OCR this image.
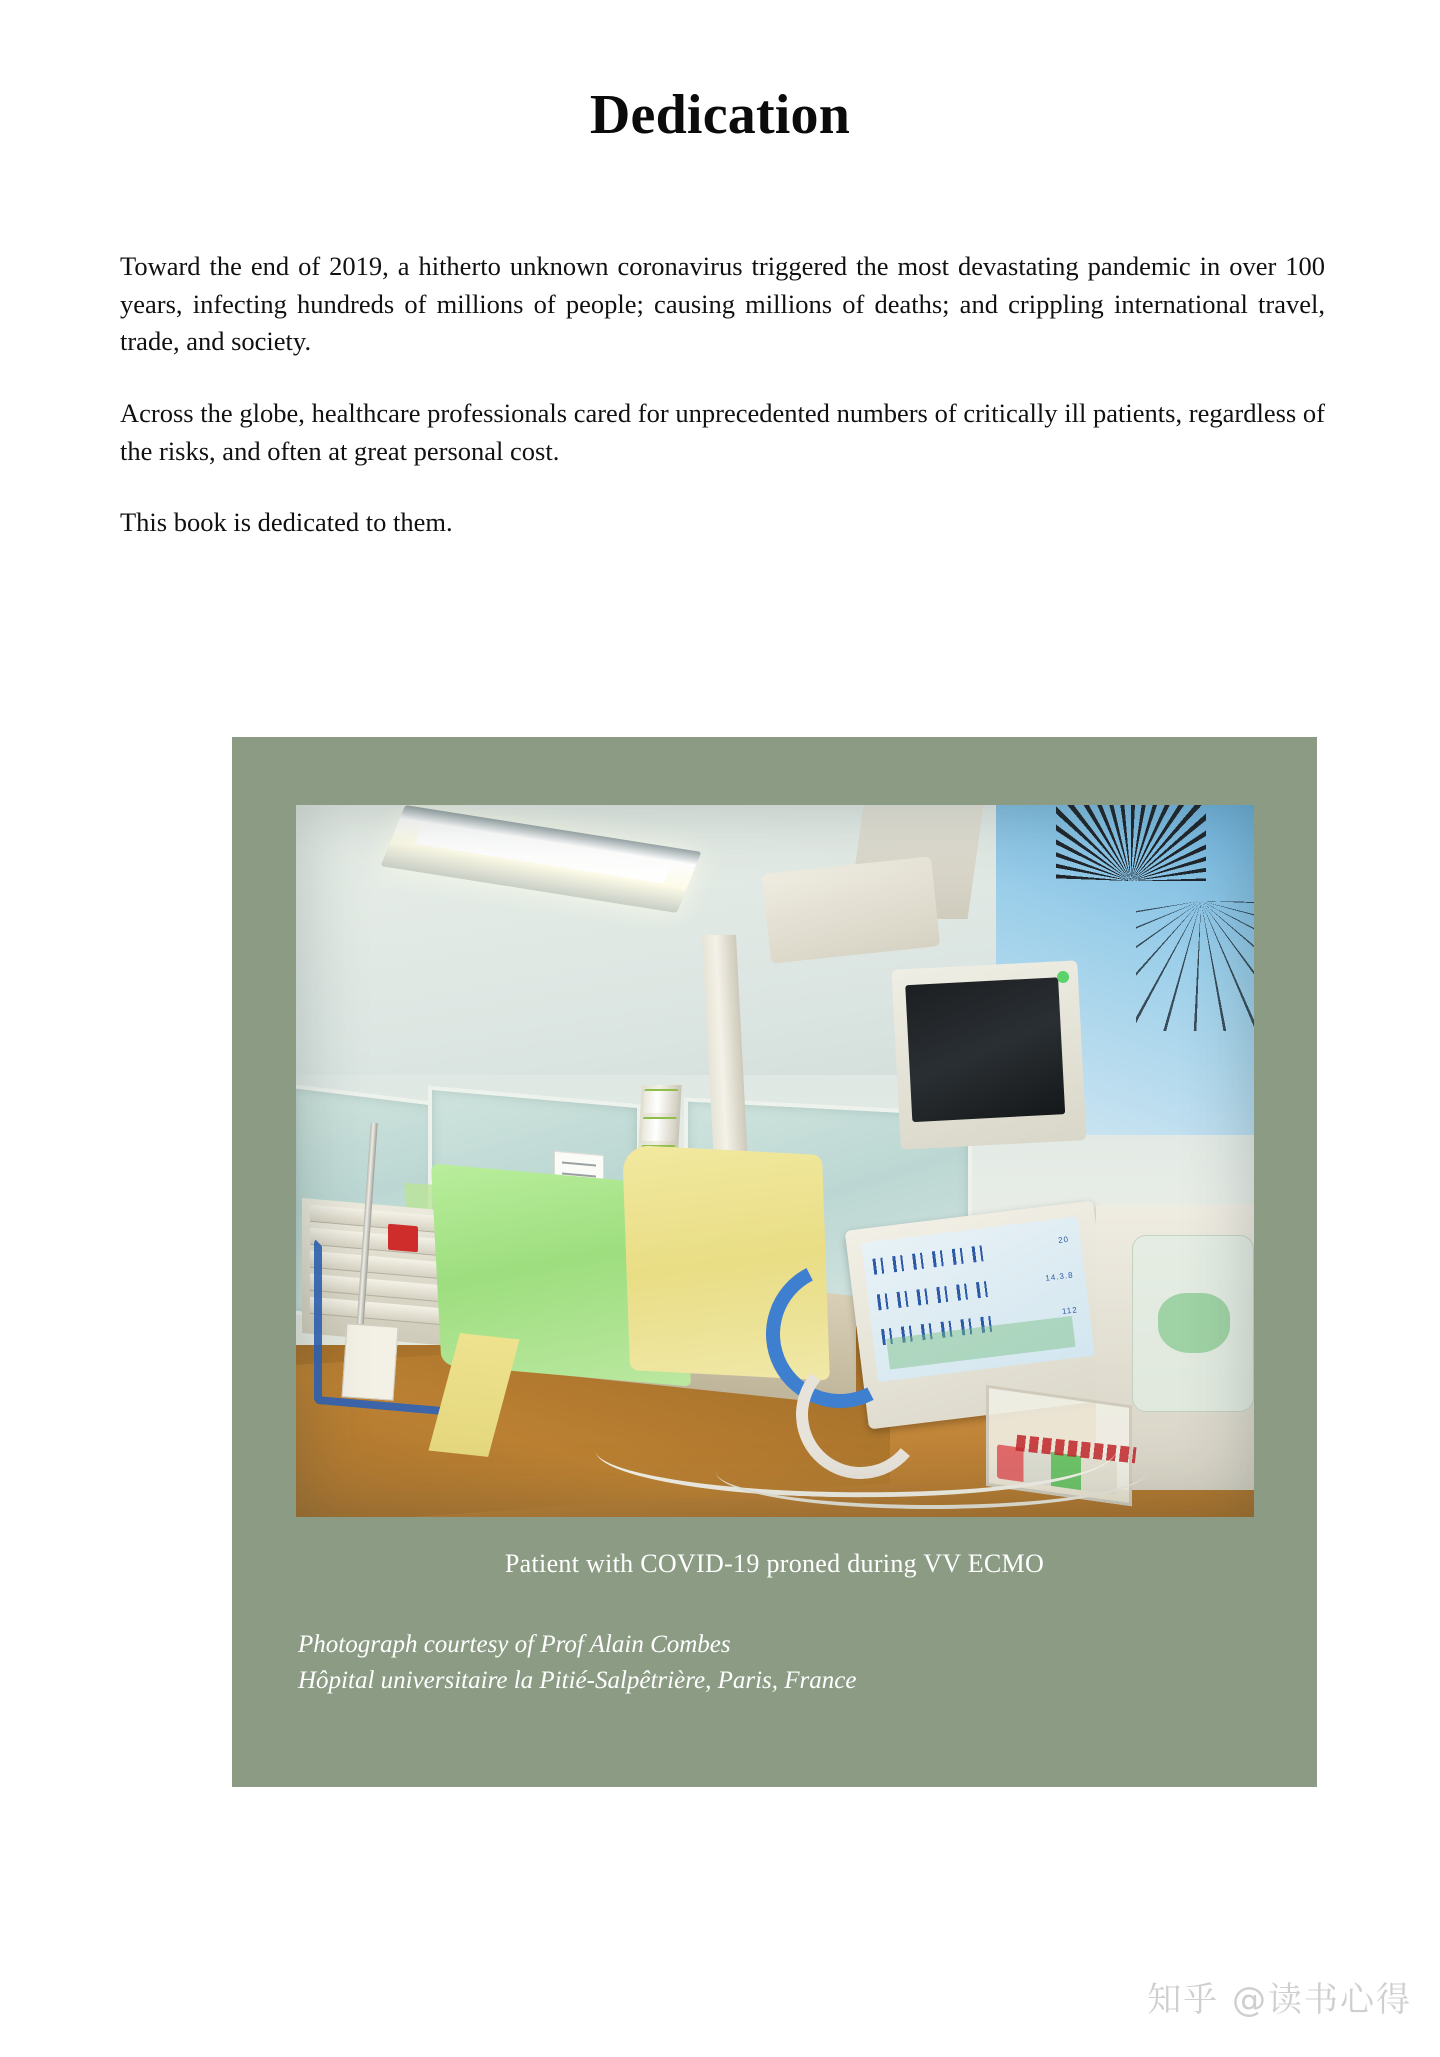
Dedication

Toward the end of 2019, a hitherto unknown coronavirus triggered the most devastating pandemic in over 100 years, infecting hundreds of millions of people; causing millions of deaths; and crippling international travel, trade, and society.

Across the globe, healthcare professionals cared for unprecedented numbers of critically ill patients, regardless of the risks, and often at great personal cost.

This book is dedicated to them.

20
14.3.8
112
Patient with COVID-19 proned during VV ECMO
Photograph courtesy of Prof Alain Combes
Hôpital universitaire la Pitié-Salpêtrière, Paris, France
知乎 @读书心得
